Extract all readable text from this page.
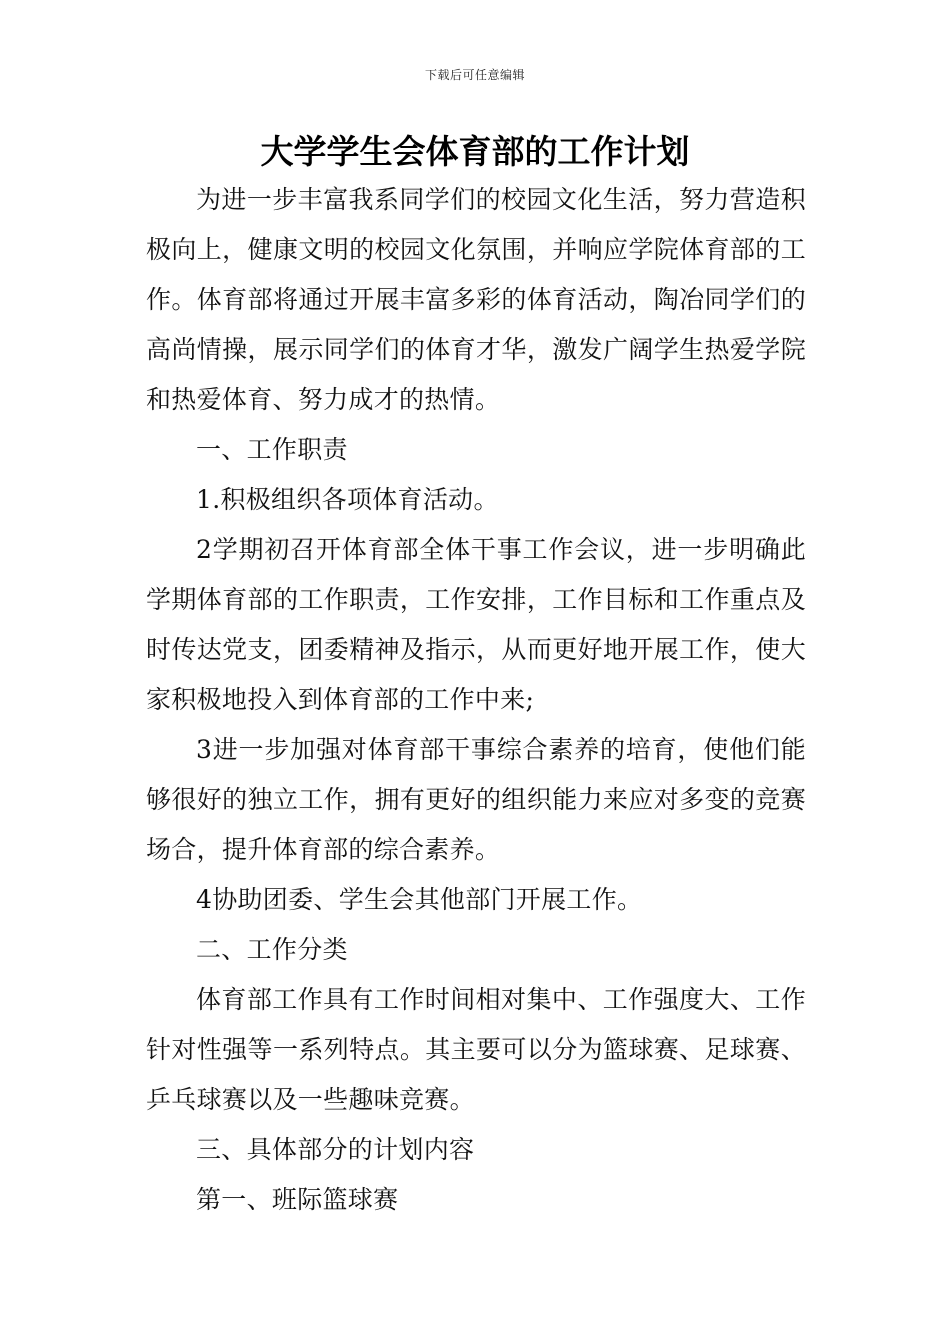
下载后可任意编辑
大学学生会体育部的工作计划

为进一步丰富我系同学们的校园文化生活，努力营造积极向上，健康文明的校园文化氛围，并响应学院体育部的工作。体育部将通过开展丰富多彩的体育活动，陶冶同学们的高尚情操，展示同学们的体育才华，激发广阔学生热爱学院和热爱体育、努力成才的热情。

一、工作职责

1.积极组织各项体育活动。

2学期初召开体育部全体干事工作会议，进一步明确此学期体育部的工作职责，工作安排，工作目标和工作重点及时传达党支，团委精神及指示，从而更好地开展工作，使大家积极地投入到体育部的工作中来;

3进一步加强对体育部干事综合素养的培育，使他们能够很好的独立工作，拥有更好的组织能力来应对多变的竞赛场合，提升体育部的综合素养。

4协助团委、学生会其他部门开展工作。

二、工作分类

体育部工作具有工作时间相对集中、工作强度大、工作针对性强等一系列特点。其主要可以分为篮球赛、足球赛、乒乓球赛以及一些趣味竞赛。

三、具体部分的计划内容

第一、班际篮球赛
